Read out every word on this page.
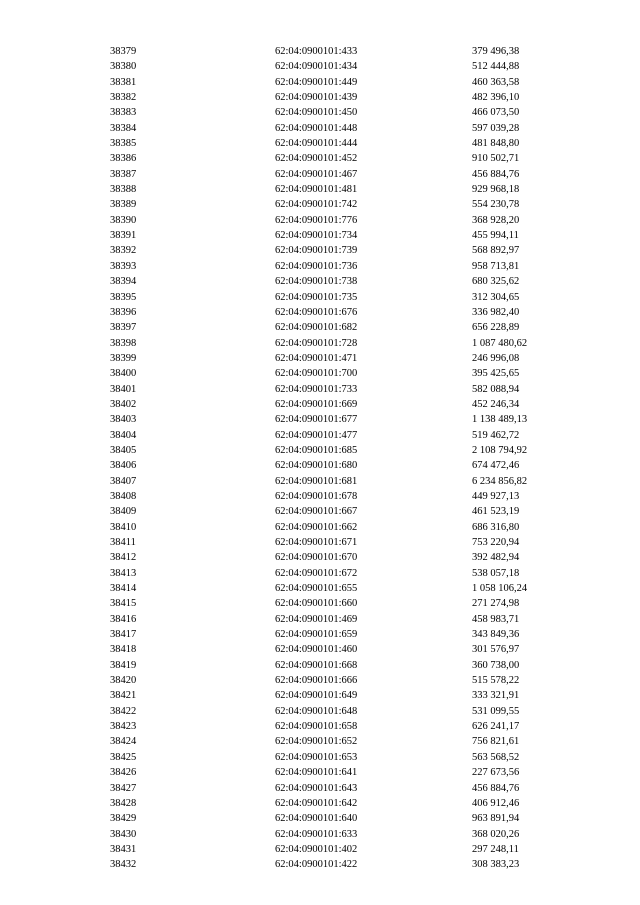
38379	62:04:0900101:433	379 496,38
38380	62:04:0900101:434	512 444,88
38381	62:04:0900101:449	460 363,58
38382	62:04:0900101:439	482 396,10
38383	62:04:0900101:450	466 073,50
38384	62:04:0900101:448	597 039,28
38385	62:04:0900101:444	481 848,80
38386	62:04:0900101:452	910 502,71
38387	62:04:0900101:467	456 884,76
38388	62:04:0900101:481	929 968,18
38389	62:04:0900101:742	554 230,78
38390	62:04:0900101:776	368 928,20
38391	62:04:0900101:734	455 994,11
38392	62:04:0900101:739	568 892,97
38393	62:04:0900101:736	958 713,81
38394	62:04:0900101:738	680 325,62
38395	62:04:0900101:735	312 304,65
38396	62:04:0900101:676	336 982,40
38397	62:04:0900101:682	656 228,89
38398	62:04:0900101:728	1 087 480,62
38399	62:04:0900101:471	246 996,08
38400	62:04:0900101:700	395 425,65
38401	62:04:0900101:733	582 088,94
38402	62:04:0900101:669	452 246,34
38403	62:04:0900101:677	1 138 489,13
38404	62:04:0900101:477	519 462,72
38405	62:04:0900101:685	2 108 794,92
38406	62:04:0900101:680	674 472,46
38407	62:04:0900101:681	6 234 856,82
38408	62:04:0900101:678	449 927,13
38409	62:04:0900101:667	461 523,19
38410	62:04:0900101:662	686 316,80
38411	62:04:0900101:671	753 220,94
38412	62:04:0900101:670	392 482,94
38413	62:04:0900101:672	538 057,18
38414	62:04:0900101:655	1 058 106,24
38415	62:04:0900101:660	271 274,98
38416	62:04:0900101:469	458 983,71
38417	62:04:0900101:659	343 849,36
38418	62:04:0900101:460	301 576,97
38419	62:04:0900101:668	360 738,00
38420	62:04:0900101:666	515 578,22
38421	62:04:0900101:649	333 321,91
38422	62:04:0900101:648	531 099,55
38423	62:04:0900101:658	626 241,17
38424	62:04:0900101:652	756 821,61
38425	62:04:0900101:653	563 568,52
38426	62:04:0900101:641	227 673,56
38427	62:04:0900101:643	456 884,76
38428	62:04:0900101:642	406 912,46
38429	62:04:0900101:640	963 891,94
38430	62:04:0900101:633	368 020,26
38431	62:04:0900101:402	297 248,11
38432	62:04:0900101:422	308 383,23
